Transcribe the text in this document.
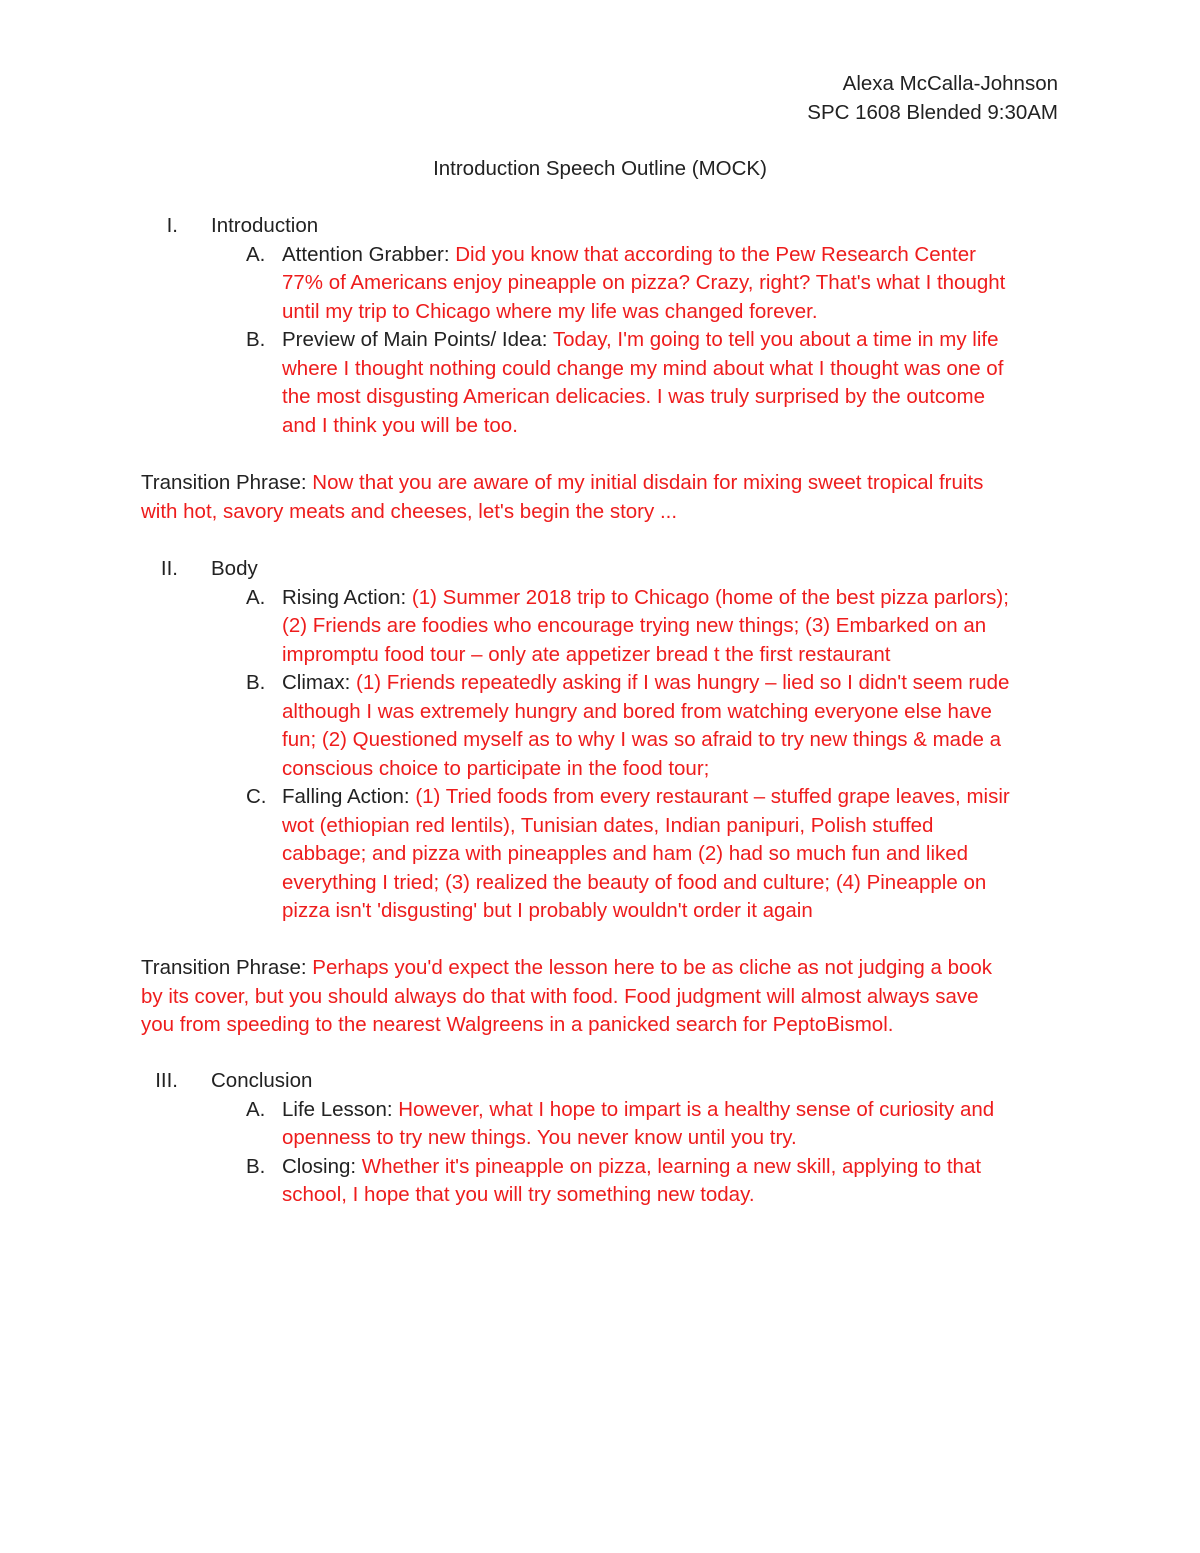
Alexa McCalla-Johnson
SPC 1608 Blended 9:30AM
Introduction Speech Outline (MOCK)
I. Introduction
A. Attention Grabber: Did you know that according to the Pew Research Center
77% of Americans enjoy pineapple on pizza? Crazy, right? That's what I thought
until my trip to Chicago where my life was changed forever.
B. Preview of Main Points/ Idea: Today, I'm going to tell you about a time in my life
where I thought nothing could change my mind about what I thought was one of
the most disgusting American delicacies. I was truly surprised by the outcome
and I think you will be too.
Transition Phrase: Now that you are aware of my initial disdain for mixing sweet tropical fruits
with hot, savory meats and cheeses, let's begin the story ...
II. Body
A. Rising Action: (1) Summer 2018 trip to Chicago (home of the best pizza parlors);
(2) Friends are foodies who encourage trying new things; (3) Embarked on an
impromptu food tour – only ate appetizer bread t the first restaurant
B. Climax: (1) Friends repeatedly asking if I was hungry – lied so I didn't seem rude
although I was extremely hungry and bored from watching everyone else have
fun; (2) Questioned myself as to why I was so afraid to try new things & made a
conscious choice to participate in the food tour;
C. Falling Action: (1) Tried foods from every restaurant – stuffed grape leaves, misir
wot (ethiopian red lentils), Tunisian dates, Indian panipuri, Polish stuffed
cabbage; and pizza with pineapples and ham (2) had so much fun and liked
everything I tried; (3) realized the beauty of food and culture; (4) Pineapple on
pizza isn't 'disgusting' but I probably wouldn't order it again
Transition Phrase: Perhaps you'd expect the lesson here to be as cliche as not judging a book
by its cover, but you should always do that with food. Food judgment will almost always save
you from speeding to the nearest Walgreens in a panicked search for PeptoBismol.
III. Conclusion
A. Life Lesson: However, what I hope to impart is a healthy sense of curiosity and
openness to try new things. You never know until you try.
B. Closing: Whether it's pineapple on pizza, learning a new skill, applying to that
school, I hope that you will try something new today.
